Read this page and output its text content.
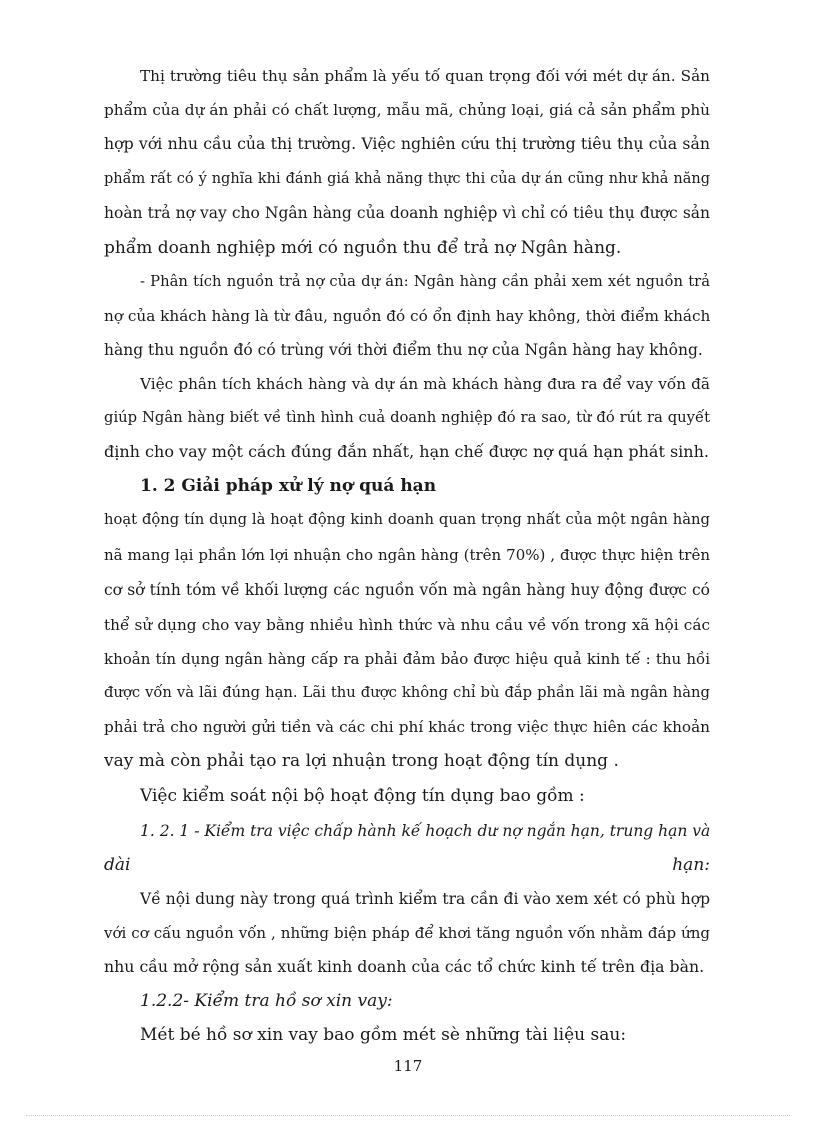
Thị trường tiêu thụ sản phẩm là yếu tố quan trọng đối với mét dự án. Sản
phẩm của dự án phải có chất lượng, mẫu mã, chủng loại, giá cả sản phẩm phù
hợp với nhu cầu của thị trường. Việc nghiên cứu thị trường tiêu thụ của sản
phẩm rất có ý nghĩa khi đánh giá khả năng thực thi của dự án cũng như khả năng
hoàn trả nợ vay cho Ngân hàng của doanh nghiệp vì chỉ có tiêu thụ được sản
phẩm doanh nghiệp mới có nguồn thu để trả nợ Ngân hàng.
- Phân tích nguồn trả nợ của dự án: Ngân hàng cần phải xem xét nguồn trả
nợ của khách hàng là từ đâu, nguồn đó có ổn định hay không, thời điểm khách
hàng thu nguồn đó có trùng với thời điểm thu nợ của Ngân hàng hay không.
Việc phân tích khách hàng và dự án mà khách hàng đưa ra để vay vốn đã
giúp Ngân hàng biết về tình hình cuả doanh nghiệp đó ra sao, từ đó rút ra quyết
định cho vay một cách đúng đắn nhất, hạn chế được nợ quá hạn phát sinh.
1. 2 Giải pháp xử lý nợ quá hạn
hoạt động tín dụng là hoạt động kinh doanh quan trọng nhất của một ngân hàng
nã mang lại phần lớn lợi nhuận cho ngân hàng (trên 70%) , được thực hiện trên
cơ sở tính tóm về khối lượng các nguồn vốn mà ngân hàng huy động được có
thể sử dụng cho vay bằng nhiều hình thức và nhu cầu về vốn trong xã hội các
khoản tín dụng ngân hàng cấp ra phải đảm bảo được hiệu quả kinh tế : thu hồi
được vốn và lãi đúng hạn. Lãi thu được không chỉ bù đắp phần lãi mà ngân hàng
phải trả cho người gửi tiền và các chi phí khác trong việc thực hiên các khoản
vay mà còn phải tạo ra lợi nhuận trong hoạt động tín dụng .
Việc kiểm soát nội bộ hoạt động tín dụng bao gồm :
1. 2. 1 - Kiểm tra việc chấp hành kế hoạch dư nợ ngắn hạn, trung hạn và
dài hạn:
Về nội dung này trong quá trình kiểm tra cần đi vào xem xét có phù hợp
với cơ cấu nguồn vốn , những biện pháp để khơi tăng nguồn vốn nhằm đáp ứng
nhu cầu mở rộng sản xuất kinh doanh của các tổ chức kinh tế trên địa bàn.
1.2.2- Kiểm tra hồ sơ xin vay:
Mét bé hồ sơ xin vay bao gồm mét sè những tài liệu sau:
117
